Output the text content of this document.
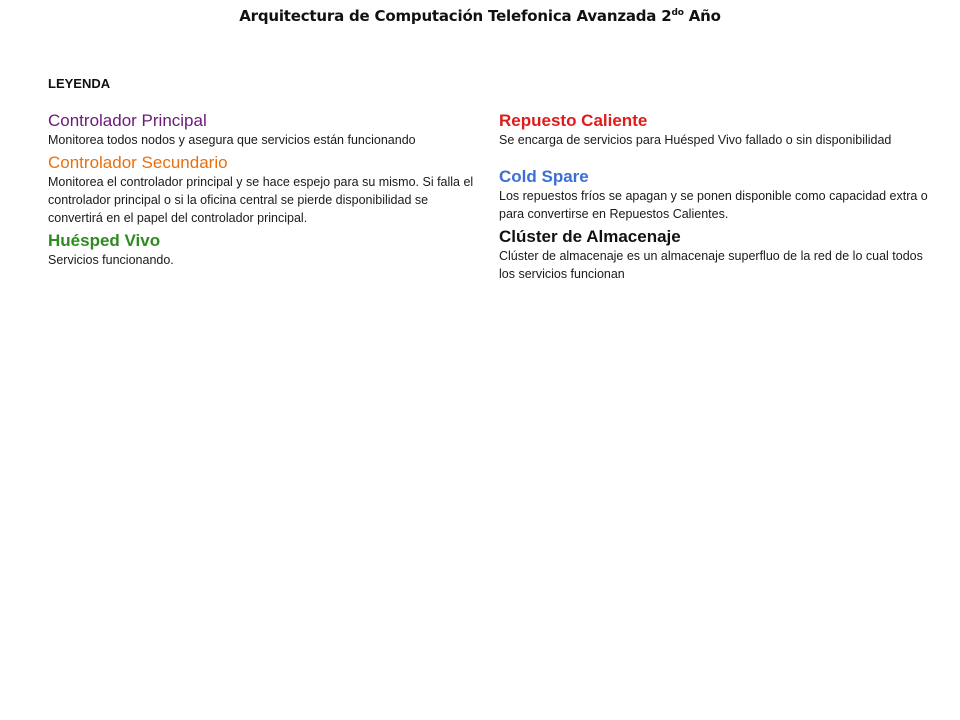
Arquitectura de Computación Telefonica Avanzada $2^{do}$ Año
LEYENDA

Controlador Principal

Monitorea todos nodos y asegura que servicios están funcionando

Controlador Secundario

Monitorea el controlador principal y se hace espejo para su mismo. Si falla el controlador principal o si la oficina central se pierde disponibilidad se convertirá en el papel del controlador principal.

Huésped Vivo

Servicios funcionando.

Repuesto Caliente

Se encarga de servicios para Huésped Vivo fallado o sin disponibilidad

Cold Spare

Los repuestos fríos se apagan y se ponen disponible como capacidad extra o para convertirse en Repuestos Calientes.

Clúster de Almacenaje

Clúster de almacenaje es un almacenaje superfluo de la red de lo cual todos los servicios funcionan
